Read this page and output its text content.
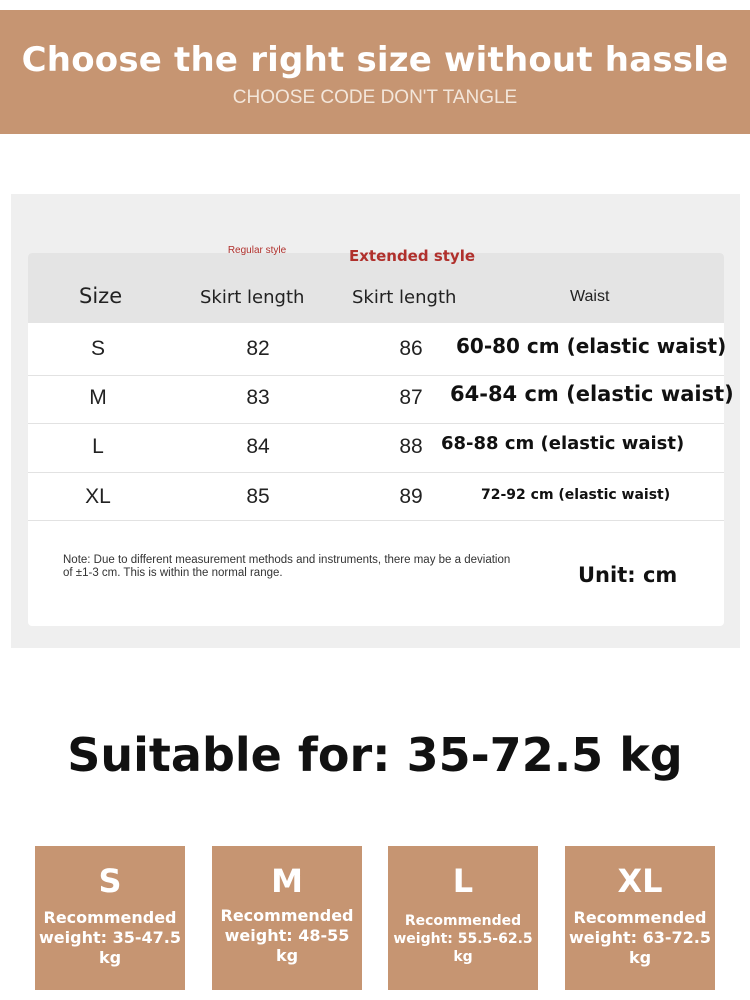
Choose the right size without hassle
CHOOSE CODE DON'T TANGLE
Regular style	Extended style
Size	Skirt length	Skirt length	Waist
S	82	86	60-80 cm (elastic waist)
M	83	87	64-84 cm (elastic waist)
L	84	88	68-88 cm (elastic waist)
XL	85	89	72-92 cm (elastic waist)
Note: Due to different measurement methods and instruments, there may be a deviation of ±1-3 cm. This is within the normal range.	Unit: cm
Suitable for: 35-72.5 kg
S
Recommended weight: 35-47.5 kg
M
Recommended weight: 48-55 kg
L
Recommended weight: 55.5-62.5 kg
XL
Recommended weight: 63-72.5 kg
